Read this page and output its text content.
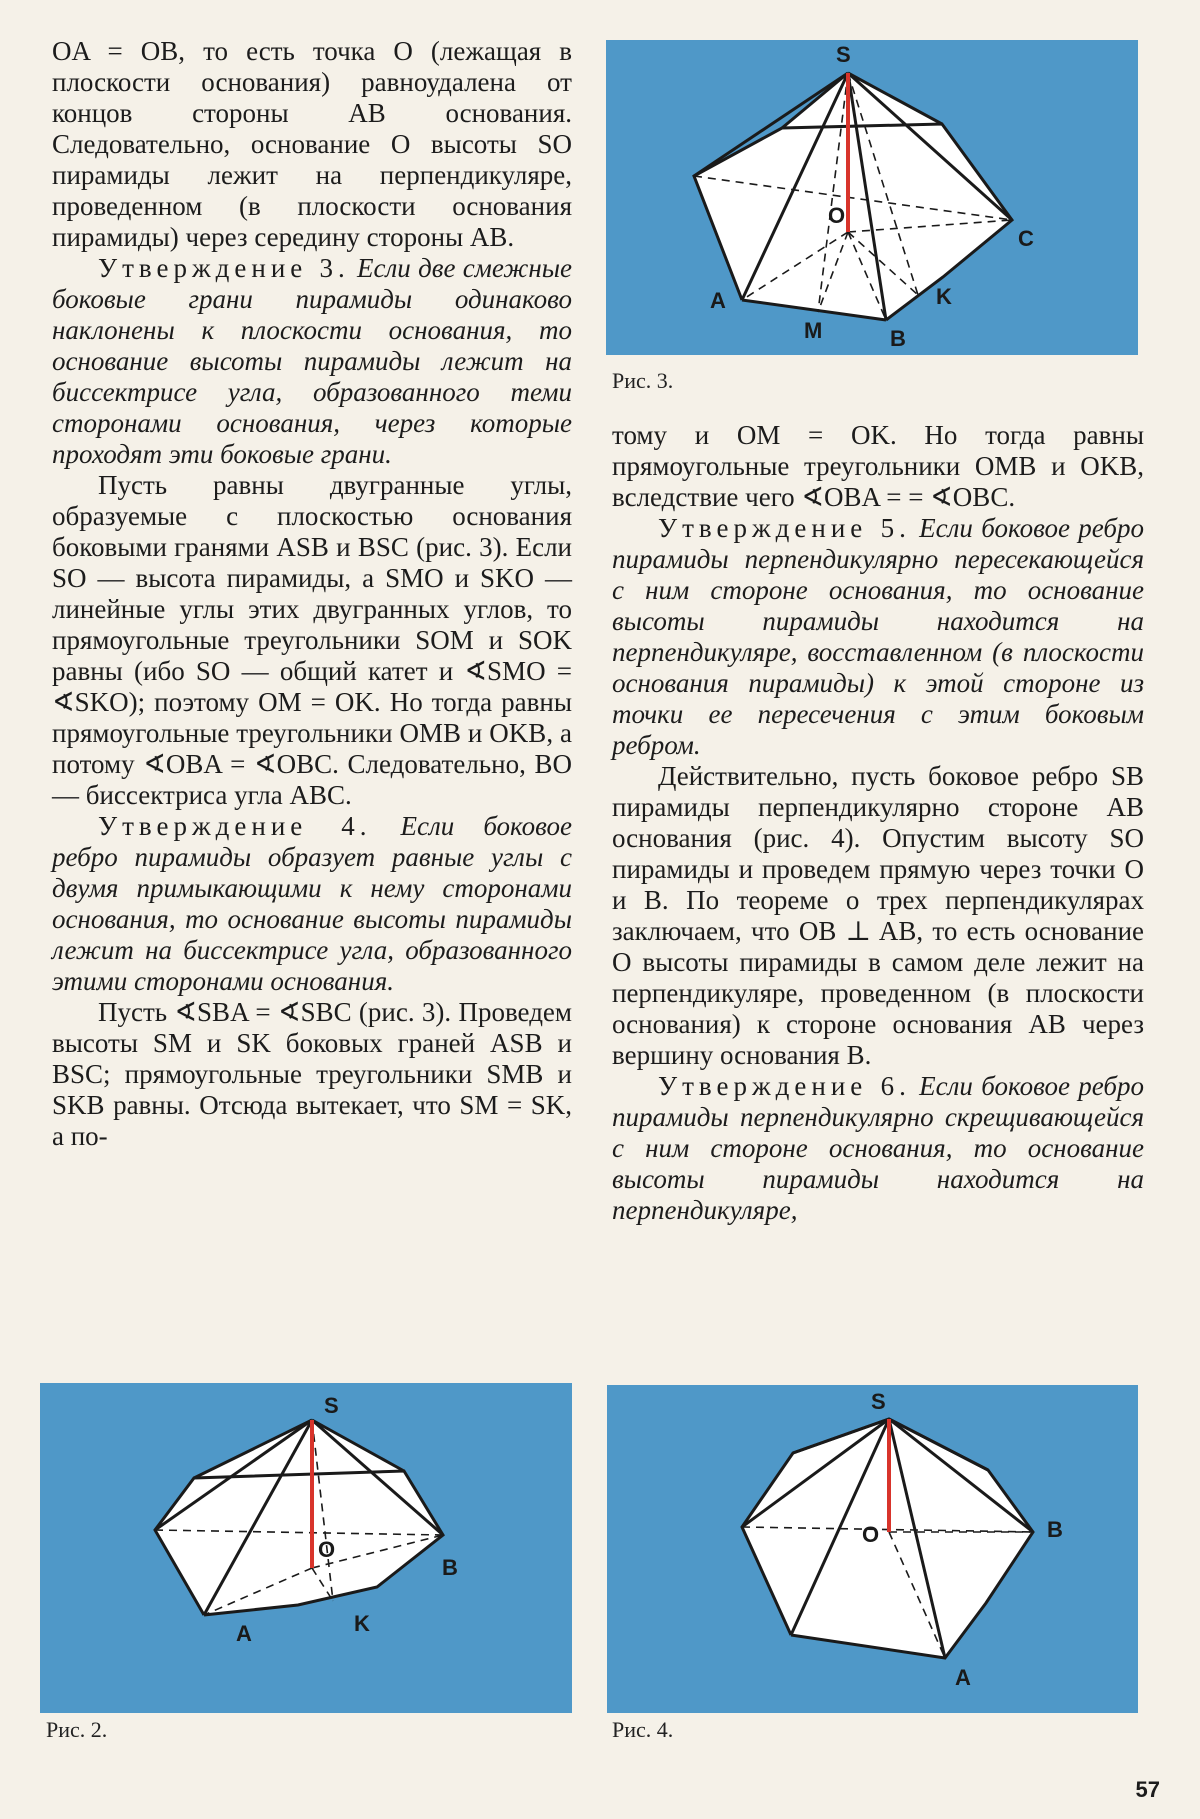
OA = OB, то есть точка O (лежащая в плоскости основания) равноудалена от концов стороны AB основания. Следовательно, основание O высоты SO пирамиды лежит на перпендикуляре, проведенном (в плоскости основания пирамиды) через середину стороны AB.

Утверждение 3. Если две смежные боковые грани пирамиды одинаково наклонены к плоскости основания, то основание высоты пирамиды лежит на биссектрисе угла, образованного теми сторонами основания, через которые проходят эти боковые грани.

Пусть равны двугранные углы, образуемые с плоскостью основания боковыми гранями ASB и BSC (рис. 3). Если SO — высота пирамиды, а SMO и SKO — линейные углы этих двугранных углов, то прямоугольные треугольники SOM и SOK равны (ибо SO — общий катет и ∢SMO = ∢SKO); поэтому OM = OK. Но тогда равны прямоугольные треугольники OMB и OKB, а потому ∢OBA = ∢OBC. Следовательно, BO — биссектриса угла ABC.

Утверждение 4. Если боковое ребро пирамиды образует равные углы с двумя примыкающими к нему сторонами основания, то основание высоты пирамиды лежит на биссектрисе угла, образованного этими сторонами основания.

Пусть ∢SBA = ∢SBC (рис. 3). Проведем высоты SM и SK боковых граней ASB и BSC; прямоугольные треугольники SMB и SKB равны. Отсюда вытекает, что SM = SK, а по-

S
O
C
K
A
M	B
Рис. 3.

тому и OM = OK. Но тогда равны прямоугольные треугольники OMB и OKB, вследствие чего ∢OBA = = ∢OBC.

Утверждение 5. Если боковое ребро пирамиды перпендикулярно пересекающейся с ним стороне основания, то основание высоты пирамиды находится на перпендикуляре, восставленном (в плоскости основания пирамиды) к этой стороне из точки ее пересечения с этим боковым ребром.

Действительно, пусть боковое ребро SB пирамиды перпендикулярно стороне AB основания (рис. 4). Опустим высоту SO пирамиды и проведем прямую через точки O и B. По теореме о трех перпендикулярах заключаем, что OB ⊥ AB, то есть основание O высоты пирамиды в самом деле лежит на перпендикуляре, проведенном (в плоскости основания) к стороне основания AB через вершину основания B.

Утверждение 6. Если боковое ребро пирамиды перпендикулярно скрещивающейся с ним стороне основания, то основание высоты пирамиды находится на перпендикуляре,

S
O
B
K
A
Рис. 2.
S
O	B
A
Рис. 4.
57
